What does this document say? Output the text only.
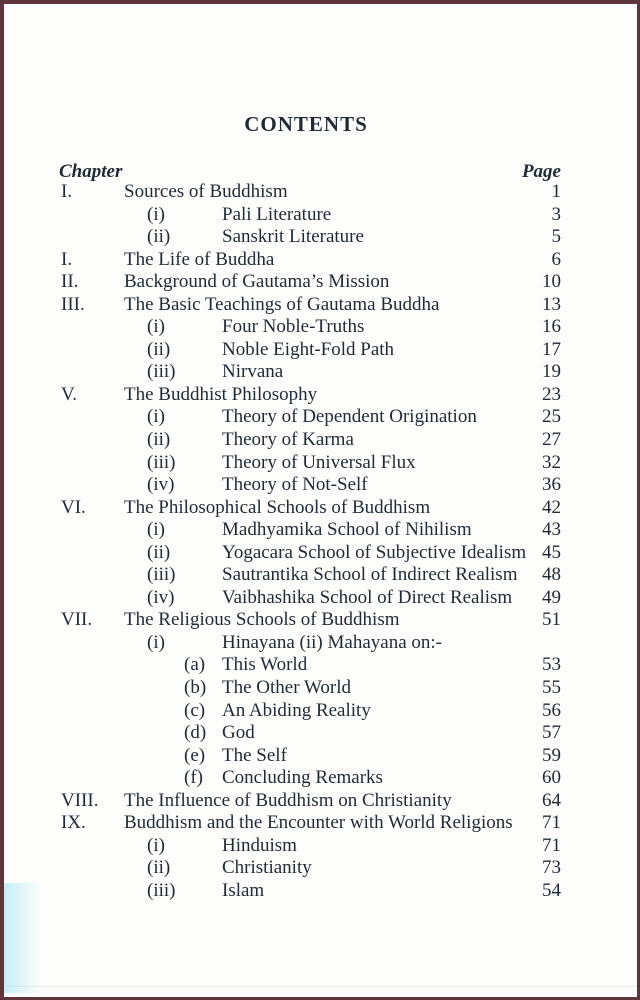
CONTENTS
Chapter	Page
I.	Sources of Buddhism	1
(i)	Pali Literature	3
(ii)	Sanskrit Literature	5
I.	The Life of Buddha	6
II. Background of Gautama’s Mission	10
III. The Basic Teachings of Gautama Buddha	13
(i)	Four Noble-Truths	16
(ii)	Noble Eight-Fold Path	17
(iii) Nirvana	19
V. The Buddhist Philosophy	23
(i)	Theory of Dependent Origination	25
(ii)	Theory of Karma	27
(iii) Theory of Universal Flux	32
(iv)	Theory of Not-Self	36
VI. The Philosophical Schools of Buddhism	42
(i)	Madhyamika School of Nihilism	43
(ii)	Yogacara School of Subjective Idealism 45
(iii) Sautrantika School of Indirect Realism 48
(iv)	Vaibhashika School of Direct Realism 49
VII. The Religious Schools of Buddhism	51
(i)	Hinayana (ii) Mahayana on:-
(a) This World	53
(b) The Other World	55
(c) An Abiding Reality	56
(d) God	57
(e) The Self	59
(f) Concluding Remarks	60
VIII. The Influence of Buddhism on Christianity	64
IX. Buddhism and the Encounter with World Religions 71
(i)	Hinduism	71
(ii)	Christianity	73
(iii) Islam	54
